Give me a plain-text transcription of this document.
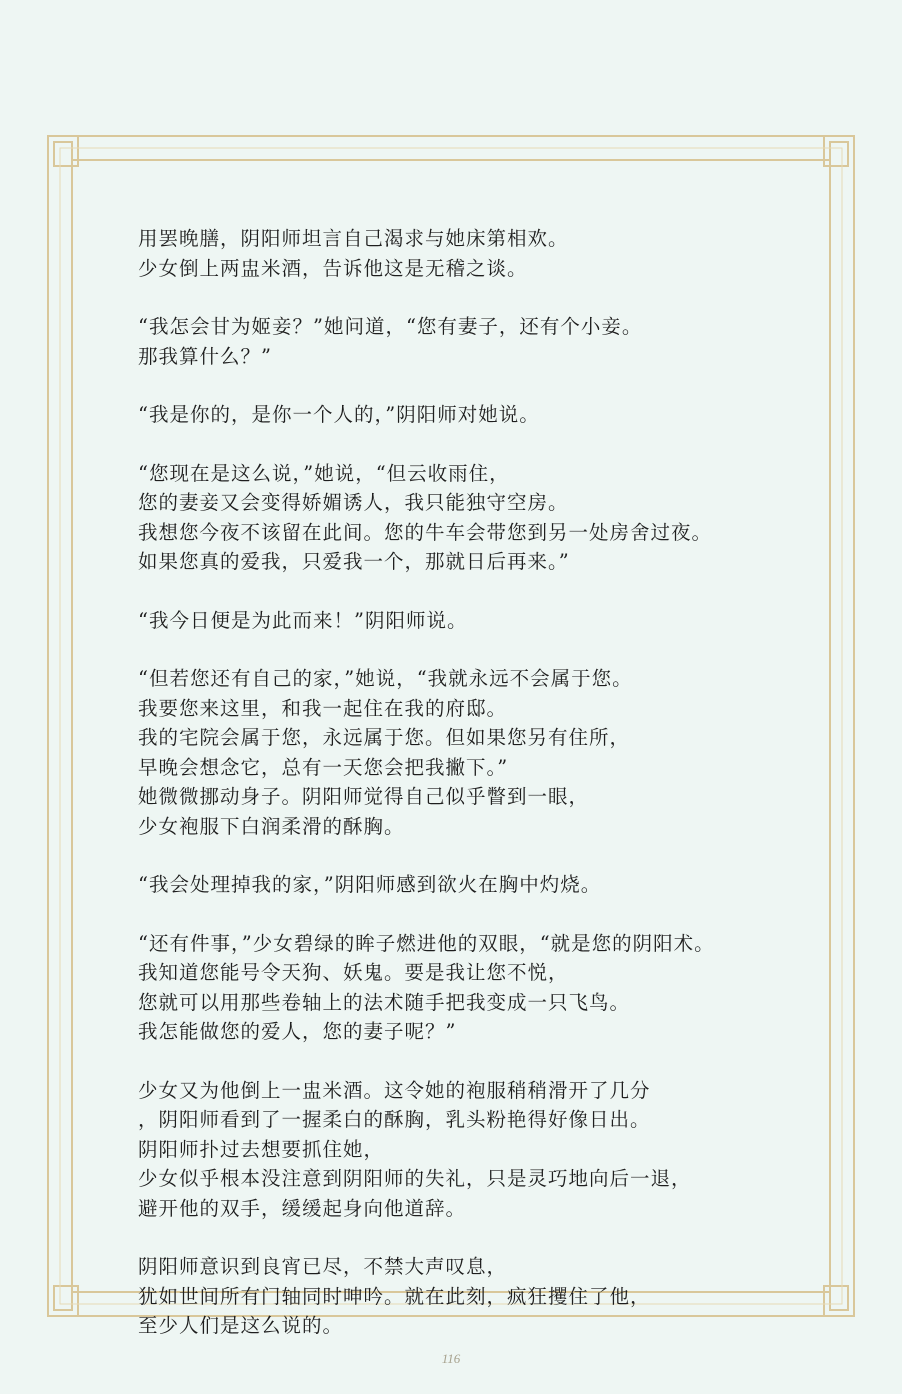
用罢晚膳，阴阳师坦言自己渴求与她床第相欢。
少女倒上两盅米酒，告诉他这是无稽之谈。
“我怎会甘为姬妾？”她问道，“您有妻子，还有个小妾。
那我算什么？”
“我是你的，是你一个人的，”阴阳师对她说。
“您现在是这么说，”她说，“但云收雨住，
您的妻妾又会变得娇媚诱人，我只能独守空房。
我想您今夜不该留在此间。您的牛车会带您到另一处房舍过夜。
如果您真的爱我，只爱我一个，那就日后再来。”
“我今日便是为此而来！”阴阳师说。
“但若您还有自己的家，”她说，“我就永远不会属于您。
我要您来这里，和我一起住在我的府邸。
我的宅院会属于您，永远属于您。但如果您另有住所，
早晚会想念它，总有一天您会把我撇下。”
她微微挪动身子。阴阳师觉得自己似乎瞥到一眼，
少女袍服下白润柔滑的酥胸。
“我会处理掉我的家，”阴阳师感到欲火在胸中灼烧。
“还有件事，”少女碧绿的眸子燃进他的双眼，“就是您的阴阳术。
我知道您能号令天狗、妖鬼。要是我让您不悦，
您就可以用那些卷轴上的法术随手把我变成一只飞鸟。
我怎能做您的爱人，您的妻子呢？”
少女又为他倒上一盅米酒。这令她的袍服稍稍滑开了几分
，阴阳师看到了一握柔白的酥胸，乳头粉艳得好像日出。
阴阳师扑过去想要抓住她，
少女似乎根本没注意到阴阳师的失礼，只是灵巧地向后一退，
避开他的双手，缓缓起身向他道辞。
阴阳师意识到良宵已尽，不禁大声叹息，
犹如世间所有门轴同时呻吟。就在此刻，疯狂攫住了他，
至少人们是这么说的。
116
